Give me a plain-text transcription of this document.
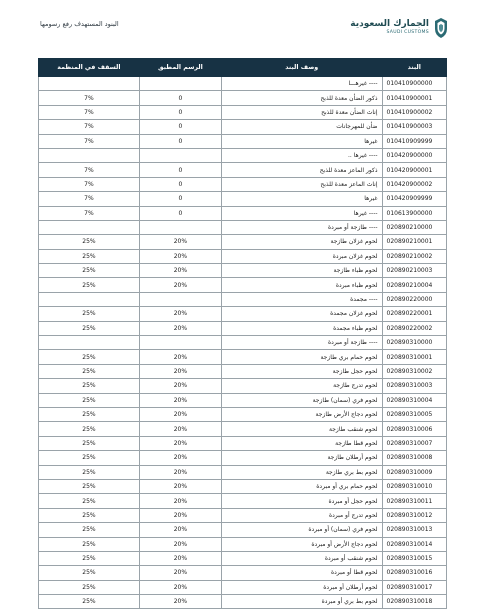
البنود المستهدف رفع رسومها	الجمارك السعودية
SAUDI CUSTOMS
البند	وصف البند	الرسم المطبق	السقف في المنظمة
010410900000	---- غيرهـــا		
010410900001	ذكور الضأن معدة للذبح	0	7%
010410900002	إناث الضأن معدة للذبح	0	7%
010410900003	ضأن للمهرجانات	0	7%
010410909999	غيرها	0	7%
010420900000	---- غيرها ..		
010420900001	ذكور الماعز معدة للذبح	0	7%
010420900002	إناث الماعز معدة للذبح	0	7%
010420909999	غيرها	0	7%
010613900000	---- غيرها	0	7%
020890210000	---- طازجة أو مبردة		
020890210001	لحوم غزلان طازجة	20%	25%
020890210002	لحوم غزلان مبردة	20%	25%
020890210003	لحوم ظباء طازجة	20%	25%
020890210004	لحوم ظباء مبردة	20%	25%
020890220000	---- مجمدة		
020890220001	لحوم غزلان مجمدة	20%	25%
020890220002	لحوم ظباء مجمدة	20%	25%
020890310000	---- طازجة أو مبردة		
020890310001	لحوم حمام بري طازجة	20%	25%
020890310002	لحوم حجل طازجة	20%	25%
020890310003	لحوم تدرج طازجة	20%	25%
020890310004	لحوم فري (سمان) طازجة	20%	25%
020890310005	لحوم دجاج الأرض طازجة	20%	25%
020890310006	لحوم شنقب طازجة	20%	25%
020890310007	لحوم قطا طازجة	20%	25%
020890310008	لحوم أرطلان طازجة	20%	25%
020890310009	لحوم بط بري طازجة	20%	25%
020890310010	لحوم حمام بري أو مبردة	20%	25%
020890310011	لحوم حجل أو مبردة	20%	25%
020890310012	لحوم تدرج أو مبردة	20%	25%
020890310013	لحوم فري (سمان) أو مبردة	20%	25%
020890310014	لحوم دجاج الأرض أو مبردة	20%	25%
020890310015	لحوم شنقب أو مبردة	20%	25%
020890310016	لحوم قطا أو مبردة	20%	25%
020890310017	لحوم أرطلان أو مبردة	20%	25%
020890310018	لحوم بط بري أو مبردة	20%	25%
